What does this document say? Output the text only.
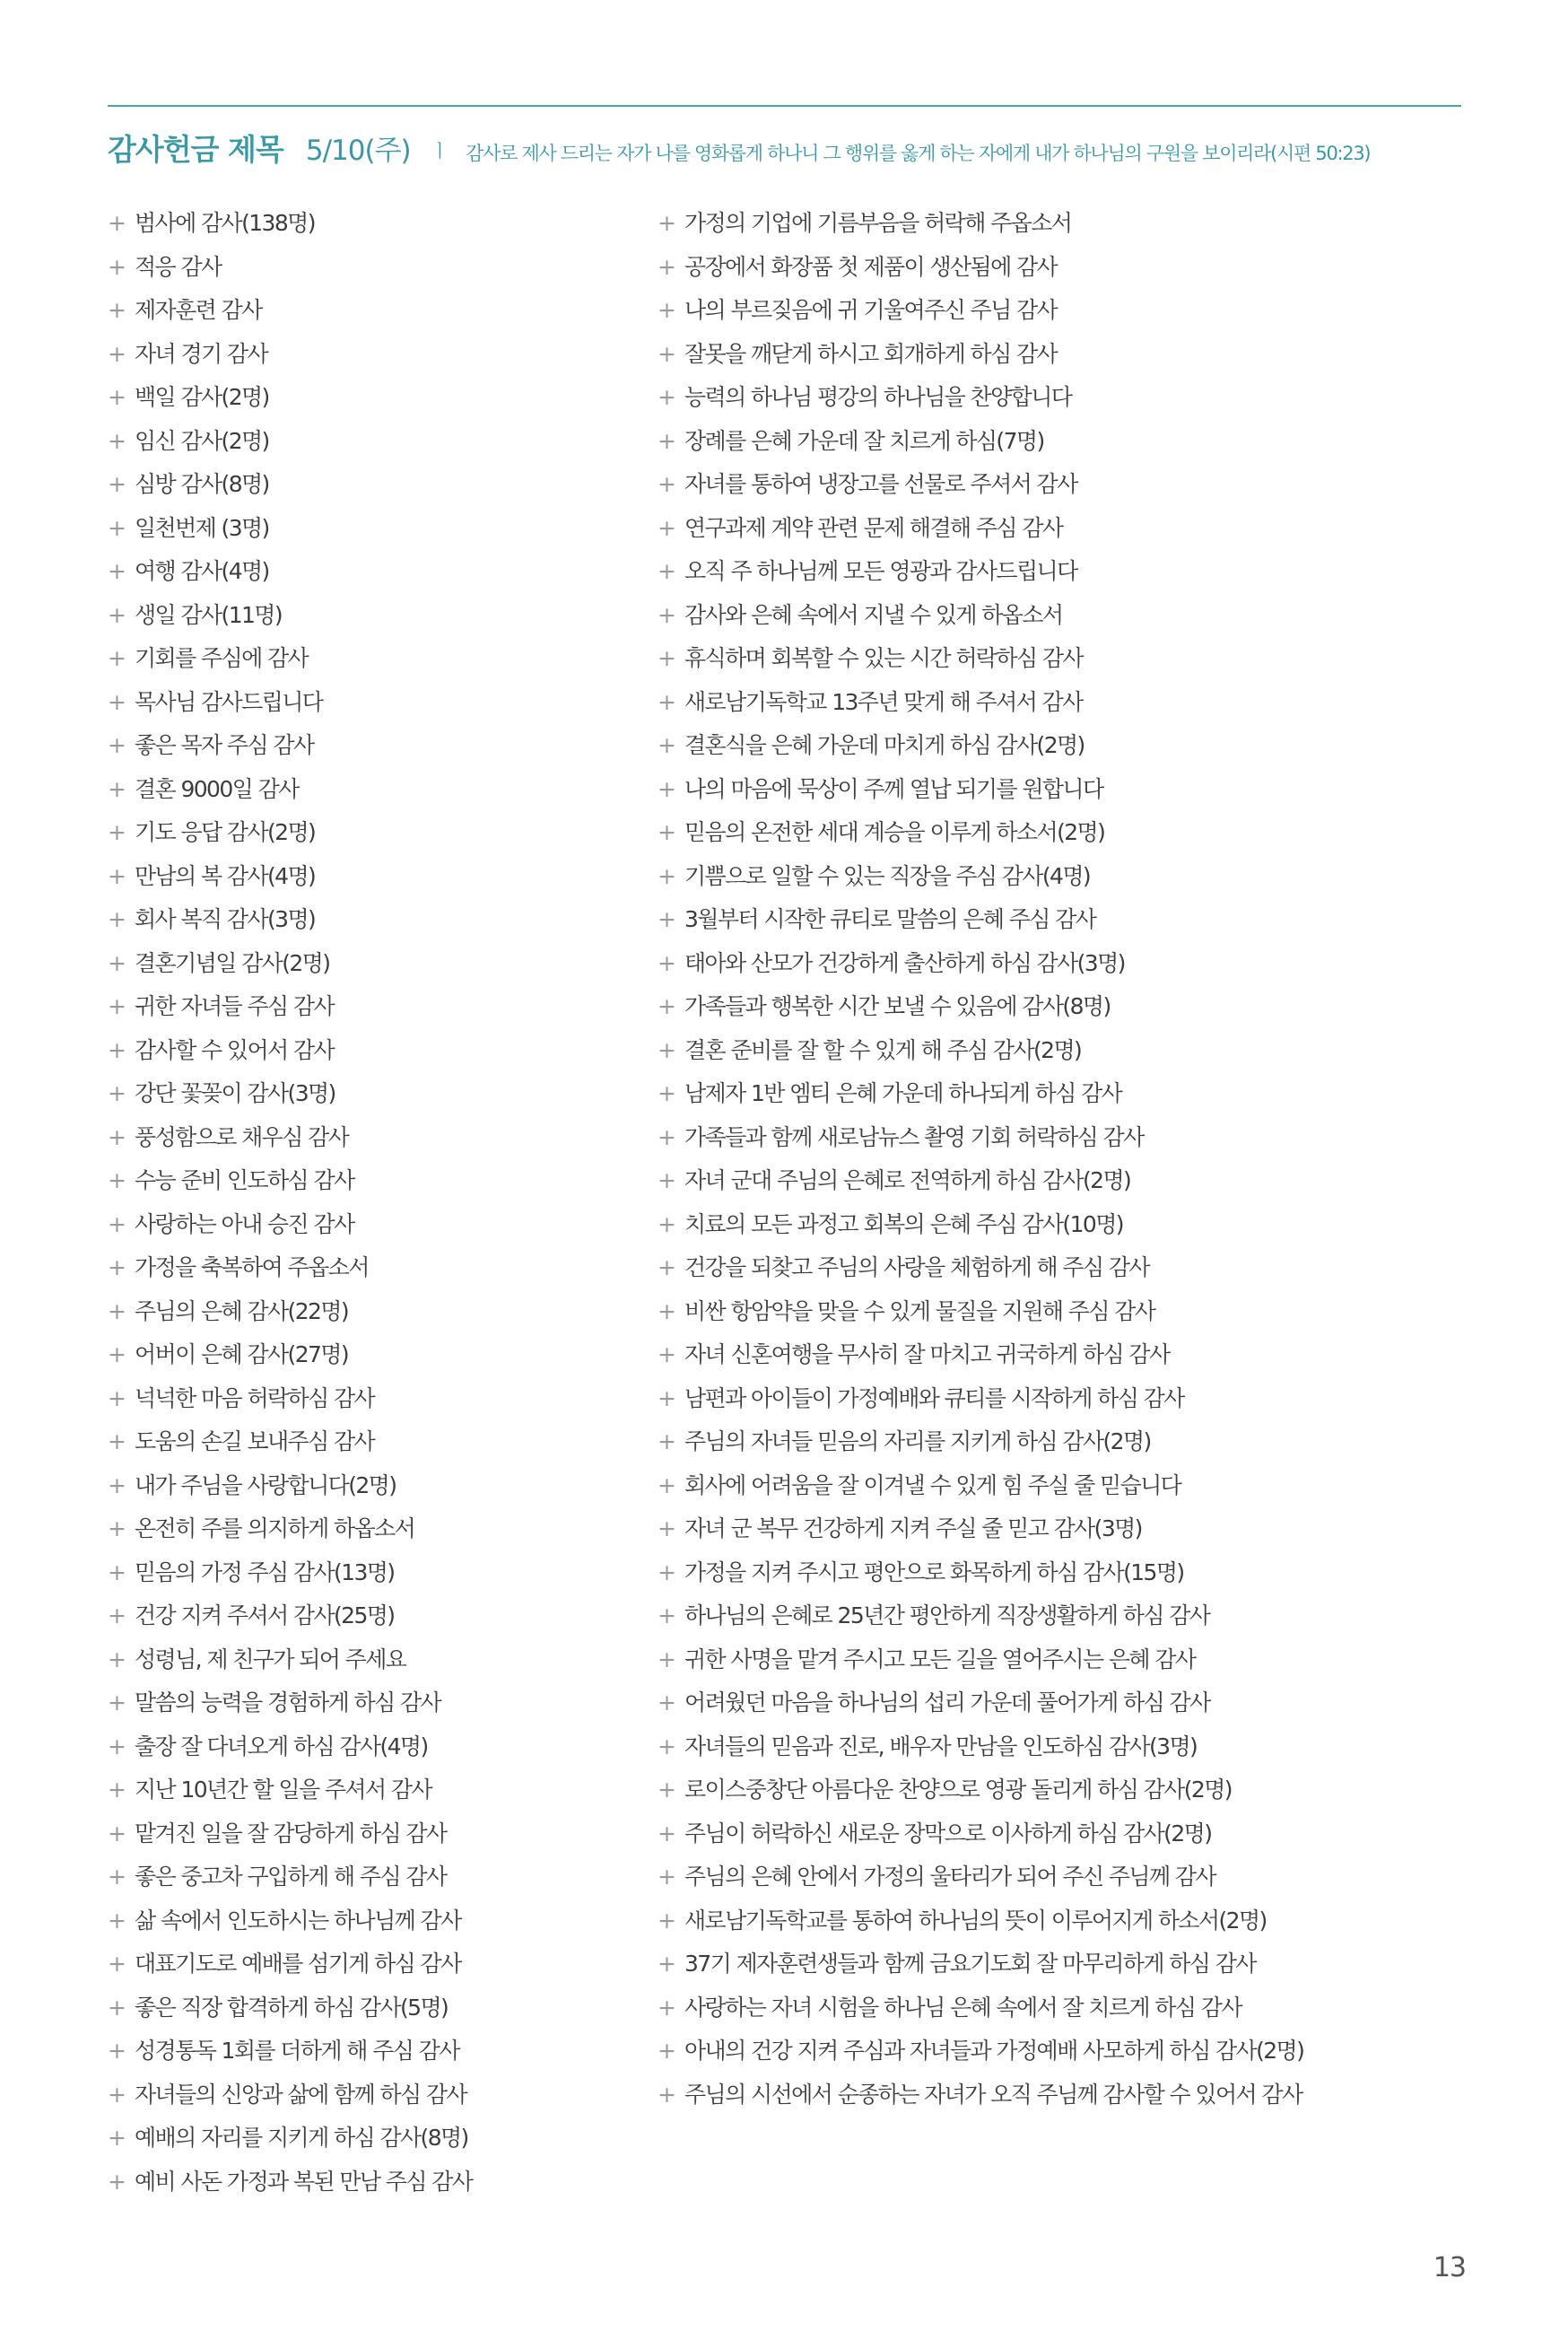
감사헌금 제목 5/10(주) ㅣ 감사로 제사 드리는 자가 나를 영화롭게 하나니 그 행위를 옳게 하는 자에게 내가 하나님의 구원을 보이리라(시편 50:23)
+ 범사에 감사(138명)
+ 적응 감사
+ 제자훈련 감사
+ 자녀 경기 감사
+ 백일 감사(2명)
+ 임신 감사(2명)
+ 심방 감사(8명)
+ 일천번제 (3명)
+ 여행 감사(4명)
+ 생일 감사(11명)
+ 기회를 주심에 감사
+ 목사님 감사드립니다
+ 좋은 목자 주심 감사
+ 결혼 9000일 감사
+ 기도 응답 감사(2명)
+ 만남의 복 감사(4명)
+ 회사 복직 감사(3명)
+ 결혼기념일 감사(2명)
+ 귀한 자녀들 주심 감사
+ 감사할 수 있어서 감사
+ 강단 꽃꽂이 감사(3명)
+ 풍성함으로 채우심 감사
+ 수능 준비 인도하심 감사
+ 사랑하는 아내 승진 감사
+ 가정을 축복하여 주옵소서
+ 주님의 은혜 감사(22명)
+ 어버이 은혜 감사(27명)
+ 넉넉한 마음 허락하심 감사
+ 도움의 손길 보내주심 감사
+ 내가 주님을 사랑합니다(2명)
+ 온전히 주를 의지하게 하옵소서
+ 믿음의 가정 주심 감사(13명)
+ 건강 지켜 주셔서 감사(25명)
+ 성령님, 제 친구가 되어 주세요
+ 말씀의 능력을 경험하게 하심 감사
+ 출장 잘 다녀오게 하심 감사(4명)
+ 지난 10년간 할 일을 주셔서 감사
+ 맡겨진 일을 잘 감당하게 하심 감사
+ 좋은 중고차 구입하게 해 주심 감사
+ 삶 속에서 인도하시는 하나님께 감사
+ 대표기도로 예배를 섬기게 하심 감사
+ 좋은 직장 합격하게 하심 감사(5명)
+ 성경통독 1회를 더하게 해 주심 감사
+ 자녀들의 신앙과 삶에 함께 하심 감사
+ 예배의 자리를 지키게 하심 감사(8명)
+ 예비 사돈 가정과 복된 만남 주심 감사
+ 가정의 기업에 기름부음을 허락해 주옵소서
+ 공장에서 화장품 첫 제품이 생산됨에 감사
+ 나의 부르짖음에 귀 기울여주신 주님 감사
+ 잘못을 깨닫게 하시고 회개하게 하심 감사
+ 능력의 하나님 평강의 하나님을 찬양합니다
+ 장례를 은혜 가운데 잘 치르게 하심(7명)
+ 자녀를 통하여 냉장고를 선물로 주셔서 감사
+ 연구과제 계약 관련 문제 해결해 주심 감사
+ 오직 주 하나님께 모든 영광과 감사드립니다
+ 감사와 은혜 속에서 지낼 수 있게 하옵소서
+ 휴식하며 회복할 수 있는 시간 허락하심 감사
+ 새로남기독학교 13주년 맞게 해 주셔서 감사
+ 결혼식을 은혜 가운데 마치게 하심 감사(2명)
+ 나의 마음에 묵상이 주께 열납 되기를 원합니다
+ 믿음의 온전한 세대 계승을 이루게 하소서(2명)
+ 기쁨으로 일할 수 있는 직장을 주심 감사(4명)
+ 3월부터 시작한 큐티로 말씀의 은혜 주심 감사
+ 태아와 산모가 건강하게 출산하게 하심 감사(3명)
+ 가족들과 행복한 시간 보낼 수 있음에 감사(8명)
+ 결혼 준비를 잘 할 수 있게 해 주심 감사(2명)
+ 남제자 1반 엠티 은혜 가운데 하나되게 하심 감사
+ 가족들과 함께 새로남뉴스 촬영 기회 허락하심 감사
+ 자녀 군대 주님의 은혜로 전역하게 하심 감사(2명)
+ 치료의 모든 과정고 회복의 은혜 주심 감사(10명)
+ 건강을 되찾고 주님의 사랑을 체험하게 해 주심 감사
+ 비싼 항암약을 맞을 수 있게 물질을 지원해 주심 감사
+ 자녀 신혼여행을 무사히 잘 마치고 귀국하게 하심 감사
+ 남편과 아이들이 가정예배와 큐티를 시작하게 하심 감사
+ 주님의 자녀들 믿음의 자리를 지키게 하심 감사(2명)
+ 회사에 어려움을 잘 이겨낼 수 있게 힘 주실 줄 믿습니다
+ 자녀 군 복무 건강하게 지켜 주실 줄 믿고 감사(3명)
+ 가정을 지켜 주시고 평안으로 화목하게 하심 감사(15명)
+ 하나님의 은혜로 25년간 평안하게 직장생활하게 하심 감사
+ 귀한 사명을 맡겨 주시고 모든 길을 열어주시는 은혜 감사
+ 어려웠던 마음을 하나님의 섭리 가운데 풀어가게 하심 감사
+ 자녀들의 믿음과 진로, 배우자 만남을 인도하심 감사(3명)
+ 로이스중창단 아름다운 찬양으로 영광 돌리게 하심 감사(2명)
+ 주님이 허락하신 새로운 장막으로 이사하게 하심 감사(2명)
+ 주님의 은혜 안에서 가정의 울타리가 되어 주신 주님께 감사
+ 새로남기독학교를 통하여 하나님의 뜻이 이루어지게 하소서(2명)
+ 37기 제자훈련생들과 함께 금요기도회 잘 마무리하게 하심 감사
+ 사랑하는 자녀 시험을 하나님 은혜 속에서 잘 치르게 하심 감사
+ 아내의 건강 지켜 주심과 자녀들과 가정예배 사모하게 하심 감사(2명)
+ 주님의 시선에서 순종하는 자녀가 오직 주님께 감사할 수 있어서 감사
13
